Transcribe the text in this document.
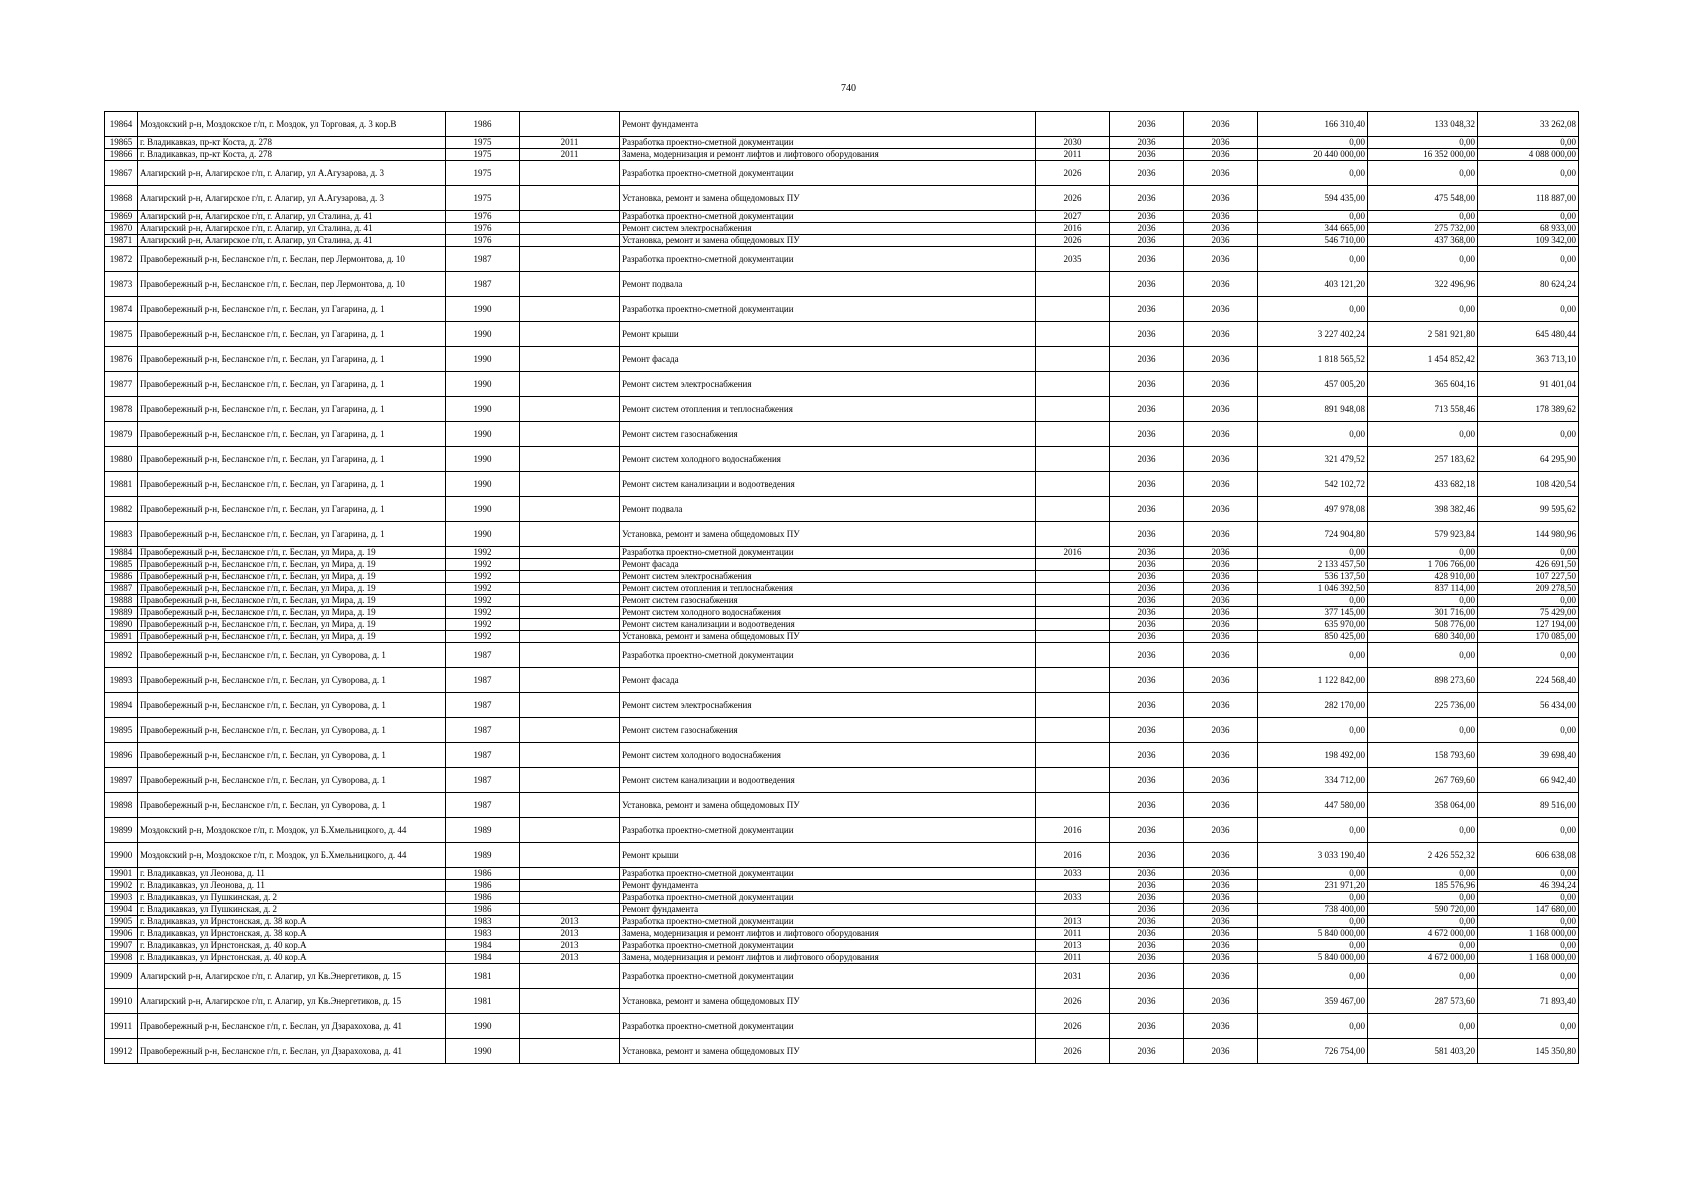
740
19864	Моздокский р-н, Моздокское г/п, г. Моздок, ул Торговая, д. 3 кор.В	1986		Ремонт фундамента		2036	2036	166 310,40	133 048,32	33 262,08
19865	г. Владикавказ, пр-кт Коста, д. 278	1975	2011	Разработка проектно-сметной документации	2030	2036	2036	0,00	0,00	0,00
19866	г. Владикавказ, пр-кт Коста, д. 278	1975	2011	Замена, модернизация и ремонт лифтов и лифтового оборудования	2011	2036	2036	20 440 000,00	16 352 000,00	4 088 000,00
19867	Алагирский р-н, Алагирское г/п, г. Алагир, ул А.Агузарова, д. 3	1975		Разработка проектно-сметной документации	2026	2036	2036	0,00	0,00	0,00
19868	Алагирский р-н, Алагирское г/п, г. Алагир, ул А.Агузарова, д. 3	1975		Установка, ремонт и замена общедомовых ПУ	2026	2036	2036	594 435,00	475 548,00	118 887,00
19869	Алагирский р-н, Алагирское г/п, г. Алагир, ул Сталина, д. 41	1976		Разработка проектно-сметной документации	2027	2036	2036	0,00	0,00	0,00
19870	Алагирский р-н, Алагирское г/п, г. Алагир, ул Сталина, д. 41	1976		Ремонт систем электроснабжения	2016	2036	2036	344 665,00	275 732,00	68 933,00
19871	Алагирский р-н, Алагирское г/п, г. Алагир, ул Сталина, д. 41	1976		Установка, ремонт и замена общедомовых ПУ	2026	2036	2036	546 710,00	437 368,00	109 342,00
19872	Правобережный р-н, Бесланское г/п, г. Беслан, пер Лермонтова, д. 10	1987		Разработка проектно-сметной документации	2035	2036	2036	0,00	0,00	0,00
19873	Правобережный р-н, Бесланское г/п, г. Беслан, пер Лермонтова, д. 10	1987		Ремонт подвала		2036	2036	403 121,20	322 496,96	80 624,24
19874	Правобережный р-н, Бесланское г/п, г. Беслан, ул Гагарина, д. 1	1990		Разработка проектно-сметной документации		2036	2036	0,00	0,00	0,00
19875	Правобережный р-н, Бесланское г/п, г. Беслан, ул Гагарина, д. 1	1990		Ремонт крыши		2036	2036	3 227 402,24	2 581 921,80	645 480,44
19876	Правобережный р-н, Бесланское г/п, г. Беслан, ул Гагарина, д. 1	1990		Ремонт фасада		2036	2036	1 818 565,52	1 454 852,42	363 713,10
19877	Правобережный р-н, Бесланское г/п, г. Беслан, ул Гагарина, д. 1	1990		Ремонт систем электроснабжения		2036	2036	457 005,20	365 604,16	91 401,04
19878	Правобережный р-н, Бесланское г/п, г. Беслан, ул Гагарина, д. 1	1990		Ремонт систем отопления и теплоснабжения		2036	2036	891 948,08	713 558,46	178 389,62
19879	Правобережный р-н, Бесланское г/п, г. Беслан, ул Гагарина, д. 1	1990		Ремонт систем газоснабжения		2036	2036	0,00	0,00	0,00
19880	Правобережный р-н, Бесланское г/п, г. Беслан, ул Гагарина, д. 1	1990		Ремонт систем холодного водоснабжения		2036	2036	321 479,52	257 183,62	64 295,90
19881	Правобережный р-н, Бесланское г/п, г. Беслан, ул Гагарина, д. 1	1990		Ремонт систем канализации и водоотведения		2036	2036	542 102,72	433 682,18	108 420,54
19882	Правобережный р-н, Бесланское г/п, г. Беслан, ул Гагарина, д. 1	1990		Ремонт подвала		2036	2036	497 978,08	398 382,46	99 595,62
19883	Правобережный р-н, Бесланское г/п, г. Беслан, ул Гагарина, д. 1	1990		Установка, ремонт и замена общедомовых ПУ		2036	2036	724 904,80	579 923,84	144 980,96
19884	Правобережный р-н, Бесланское г/п, г. Беслан, ул Мира, д. 19	1992		Разработка проектно-сметной документации	2016	2036	2036	0,00	0,00	0,00
19885	Правобережный р-н, Бесланское г/п, г. Беслан, ул Мира, д. 19	1992		Ремонт фасада		2036	2036	2 133 457,50	1 706 766,00	426 691,50
19886	Правобережный р-н, Бесланское г/п, г. Беслан, ул Мира, д. 19	1992		Ремонт систем электроснабжения		2036	2036	536 137,50	428 910,00	107 227,50
19887	Правобережный р-н, Бесланское г/п, г. Беслан, ул Мира, д. 19	1992		Ремонт систем отопления и теплоснабжения		2036	2036	1 046 392,50	837 114,00	209 278,50
19888	Правобережный р-н, Бесланское г/п, г. Беслан, ул Мира, д. 19	1992		Ремонт систем газоснабжения		2036	2036	0,00	0,00	0,00
19889	Правобережный р-н, Бесланское г/п, г. Беслан, ул Мира, д. 19	1992		Ремонт систем холодного водоснабжения		2036	2036	377 145,00	301 716,00	75 429,00
19890	Правобережный р-н, Бесланское г/п, г. Беслан, ул Мира, д. 19	1992		Ремонт систем канализации и водоотведения		2036	2036	635 970,00	508 776,00	127 194,00
19891	Правобережный р-н, Бесланское г/п, г. Беслан, ул Мира, д. 19	1992		Установка, ремонт и замена общедомовых ПУ		2036	2036	850 425,00	680 340,00	170 085,00
19892	Правобережный р-н, Бесланское г/п, г. Беслан, ул Суворова, д. 1	1987		Разработка проектно-сметной документации		2036	2036	0,00	0,00	0,00
19893	Правобережный р-н, Бесланское г/п, г. Беслан, ул Суворова, д. 1	1987		Ремонт фасада		2036	2036	1 122 842,00	898 273,60	224 568,40
19894	Правобережный р-н, Бесланское г/п, г. Беслан, ул Суворова, д. 1	1987		Ремонт систем электроснабжения		2036	2036	282 170,00	225 736,00	56 434,00
19895	Правобережный р-н, Бесланское г/п, г. Беслан, ул Суворова, д. 1	1987		Ремонт систем газоснабжения		2036	2036	0,00	0,00	0,00
19896	Правобережный р-н, Бесланское г/п, г. Беслан, ул Суворова, д. 1	1987		Ремонт систем холодного водоснабжения		2036	2036	198 492,00	158 793,60	39 698,40
19897	Правобережный р-н, Бесланское г/п, г. Беслан, ул Суворова, д. 1	1987		Ремонт систем канализации и водоотведения		2036	2036	334 712,00	267 769,60	66 942,40
19898	Правобережный р-н, Бесланское г/п, г. Беслан, ул Суворова, д. 1	1987		Установка, ремонт и замена общедомовых ПУ		2036	2036	447 580,00	358 064,00	89 516,00
19899	Моздокский р-н, Моздокское г/п, г. Моздок, ул Б.Хмельницкого, д. 44	1989		Разработка проектно-сметной документации	2016	2036	2036	0,00	0,00	0,00
19900	Моздокский р-н, Моздокское г/п, г. Моздок, ул Б.Хмельницкого, д. 44	1989		Ремонт крыши	2016	2036	2036	3 033 190,40	2 426 552,32	606 638,08
19901	г. Владикавказ, ул Леонова, д. 11	1986		Разработка проектно-сметной документации	2033	2036	2036	0,00	0,00	0,00
19902	г. Владикавказ, ул Леонова, д. 11	1986		Ремонт фундамента		2036	2036	231 971,20	185 576,96	46 394,24
19903	г. Владикавказ, ул Пушкинская, д. 2	1986		Разработка проектно-сметной документации	2033	2036	2036	0,00	0,00	0,00
19904	г. Владикавказ, ул Пушкинская, д. 2	1986		Ремонт фундамента		2036	2036	738 400,00	590 720,00	147 680,00
19905	г. Владикавказ, ул Ирнстонская, д. 38 кор.А	1983	2013	Разработка проектно-сметной документации	2013	2036	2036	0,00	0,00	0,00
19906	г. Владикавказ, ул Ирнстонская, д. 38 кор.А	1983	2013	Замена, модернизация и ремонт лифтов и лифтового оборудования	2011	2036	2036	5 840 000,00	4 672 000,00	1 168 000,00
19907	г. Владикавказ, ул Ирнстонская, д. 40 кор.А	1984	2013	Разработка проектно-сметной документации	2013	2036	2036	0,00	0,00	0,00
19908	г. Владикавказ, ул Ирнстонская, д. 40 кор.А	1984	2013	Замена, модернизация и ремонт лифтов и лифтового оборудования	2011	2036	2036	5 840 000,00	4 672 000,00	1 168 000,00
19909	Алагирский р-н, Алагирское г/п, г. Алагир, ул Кв.Энергетиков, д. 15	1981		Разработка проектно-сметной документации	2031	2036	2036	0,00	0,00	0,00
19910	Алагирский р-н, Алагирское г/п, г. Алагир, ул Кв.Энергетиков, д. 15	1981		Установка, ремонт и замена общедомовых ПУ	2026	2036	2036	359 467,00	287 573,60	71 893,40
19911	Правобережный р-н, Бесланское г/п, г. Беслан, ул Дзарахохова, д. 41	1990		Разработка проектно-сметной документации	2026	2036	2036	0,00	0,00	0,00
19912	Правобережный р-н, Бесланское г/п, г. Беслан, ул Дзарахохова, д. 41	1990		Установка, ремонт и замена общедомовых ПУ	2026	2036	2036	726 754,00	581 403,20	145 350,80
